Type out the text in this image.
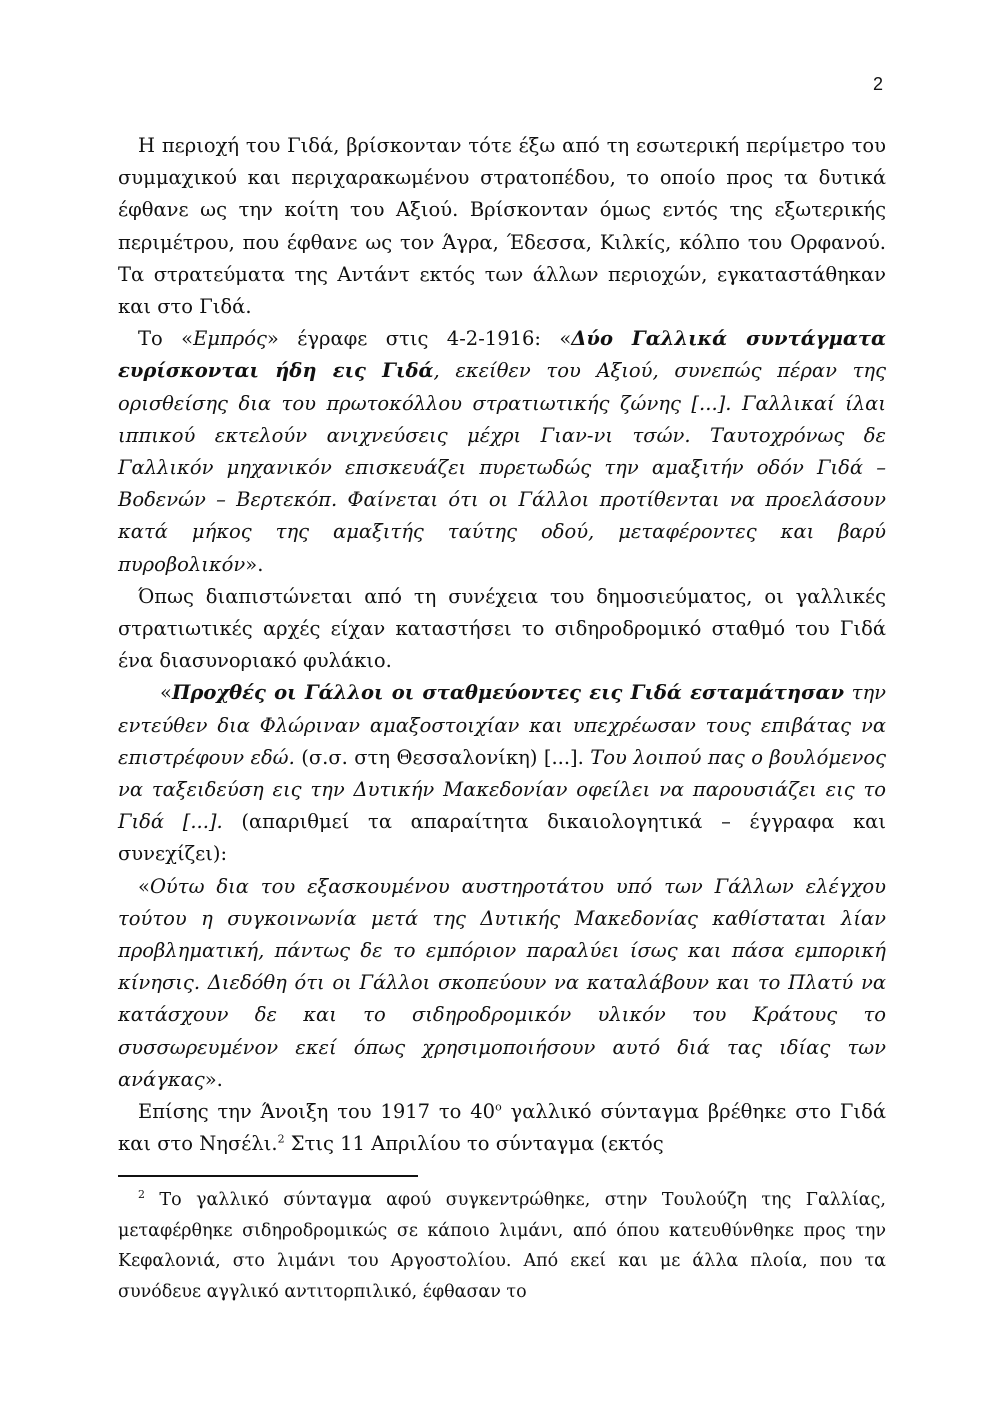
2

Η περιοχή του Γιδά, βρίσκονταν τότε έξω από τη εσωτερική περίμετρο του συμμαχικού και περιχαρακωμένου στρατοπέδου, το οποίο προς τα δυτικά έφθανε ως την κοίτη του Αξιού. Βρίσκονταν όμως εντός της εξωτερικής περιμέτρου, που έφθανε ως τον Άγρα, Έδεσσα, Κιλκίς, κόλπο του Ορφανού. Τα στρατεύματα της Αντάντ εκτός των άλλων περιοχών, εγκαταστάθηκαν και στο Γιδά.

Το «Εμπρός» έγραφε στις 4-2-1916: «Δύο Γαλλικά συντάγματα ευρίσκονται ήδη εις Γιδά, εκείθεν του Αξιού, συνεπώς πέραν της ορισθείσης δια του πρωτοκόλλου στρατιωτικής ζώνης [...]. Γαλλικαί ίλαι ιππικού εκτελούν ανιχνεύσεις μέχρι Γιαν-νι τσών. Ταυτοχρόνως δε Γαλλικόν μηχανικόν επισκευάζει πυρετωδώς την αμαξιτήν οδόν Γιδά – Βοδενών – Βερτεκόπ. Φαίνεται ότι οι Γάλλοι προτίθενται να προελάσουν κατά μήκος της αμαξιτής ταύτης οδού, μεταφέροντες και βαρύ πυροβολικόν».

Όπως διαπιστώνεται από τη συνέχεια του δημοσιεύματος, οι γαλλικές στρατιωτικές αρχές είχαν καταστήσει το σιδηροδρομικό σταθμό του Γιδά ένα διασυνοριακό φυλάκιο.

«Προχθές οι Γάλλοι οι σταθμεύοντες εις Γιδά εσταμάτησαν την εντεύθεν δια Φλώριναν αμαξοστοιχίαν και υπεχρέωσαν τους επιβάτας να επιστρέφουν εδώ. (σ.σ. στη Θεσσαλονίκη) [...]. Του λοιπού πας ο βουλόμενος να ταξειδεύση εις την Δυτικήν Μακεδονίαν οφείλει να παρουσιάζει εις το Γιδά [...]. (απαριθμεί τα απαραίτητα δικαιολογητικά – έγγραφα και συνεχίζει):

«Ούτω δια του εξασκουμένου αυστηροτάτου υπό των Γάλλων ελέγχου τούτου η συγκοινωνία μετά της Δυτικής Μακεδονίας καθίσταται λίαν προβληματική, πάντως δε το εμπόριον παραλύει ίσως και πάσα εμπορική κίνησις. Διεδόθη ότι οι Γάλλοι σκοπεύουν να καταλάβουν και το Πλατύ να κατάσχουν δε και το σιδηροδρομικόν υλικόν του Κράτους το συσσωρευμένον εκεί όπως χρησιμοποιήσουν αυτό διά τας ιδίας των ανάγκας».

Επίσης την Άνοιξη του 1917 το $40^o$ γαλλικό σύνταγμα βρέθηκε στο Γιδά και στο Νησέλι.$^2$ Στις 11 Απριλίου το σύνταγμα (εκτός

$^2$ Το γαλλικό σύνταγμα αφού συγκεντρώθηκε, στην Τουλούζη της Γαλλίας, μεταφέρθηκε σιδηροδρομικώς σε κάποιο λιμάνι, από όπου κατευθύνθηκε προς την Κεφαλονιά, στο λιμάνι του Αργοστολίου. Από εκεί και με άλλα πλοία, που τα συνόδευε αγγλικό αντιτορπιλικό, έφθασαν το
